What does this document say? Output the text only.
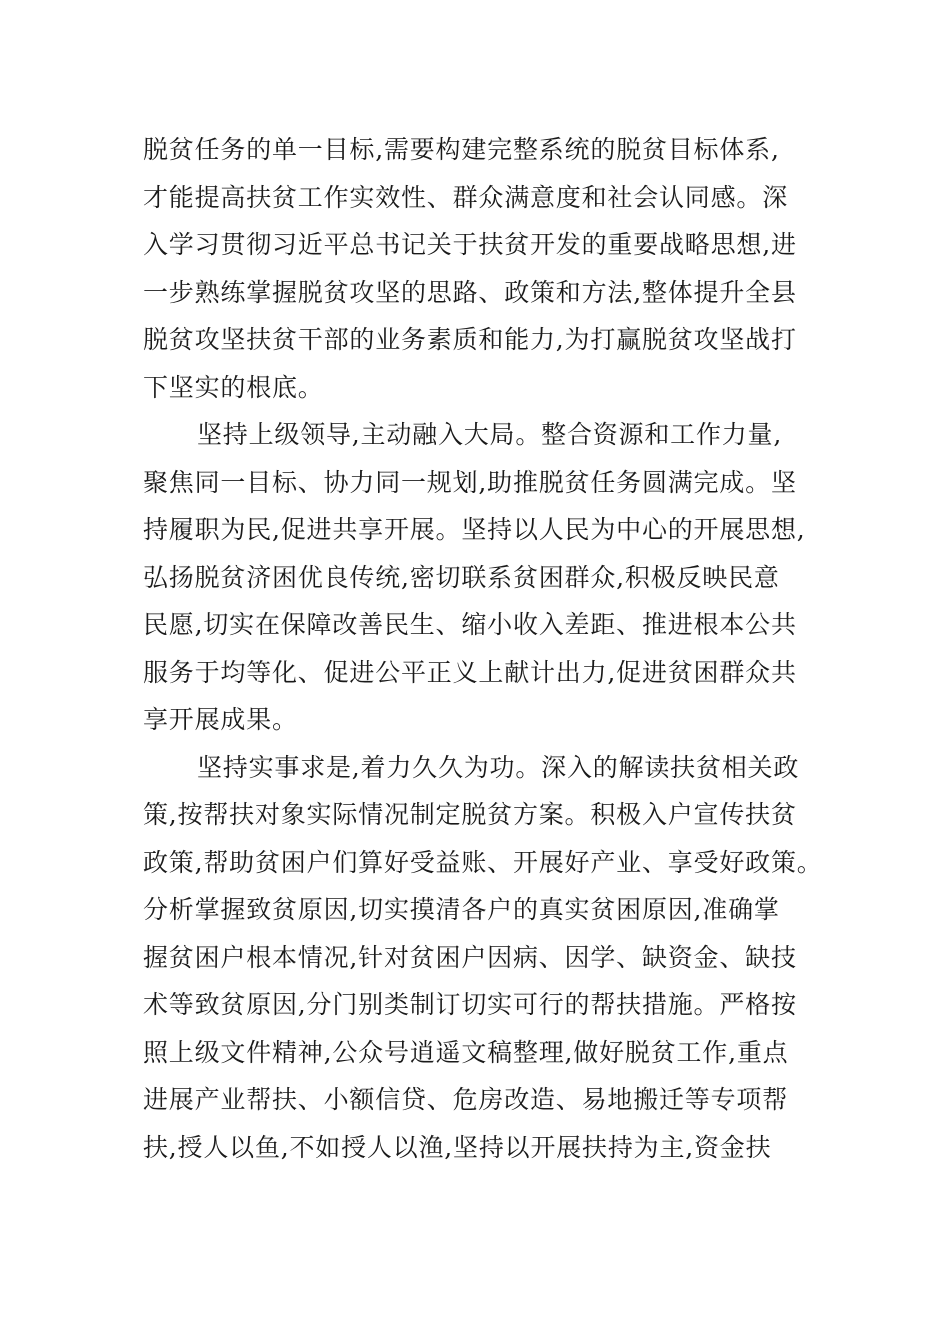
脱贫任务的单一目标,需要构建完整系统的脱贫目标体系,
才能提高扶贫工作实效性、群众满意度和社会认同感。深
入学习贯彻习近平总书记关于扶贫开发的重要战略思想,进
一步熟练掌握脱贫攻坚的思路、政策和方法,整体提升全县
脱贫攻坚扶贫干部的业务素质和能力,为打赢脱贫攻坚战打
下坚实的根底。
坚持上级领导,主动融入大局。整合资源和工作力量,
聚焦同一目标、协力同一规划,助推脱贫任务圆满完成。坚
持履职为民,促进共享开展。坚持以人民为中心的开展思想,
弘扬脱贫济困优良传统,密切联系贫困群众,积极反映民意
民愿,切实在保障改善民生、缩小收入差距、推进根本公共
服务于均等化、促进公平正义上献计出力,促进贫困群众共
享开展成果。
坚持实事求是,着力久久为功。深入的解读扶贫相关政
策,按帮扶对象实际情况制定脱贫方案。积极入户宣传扶贫
政策,帮助贫困户们算好受益账、开展好产业、享受好政策。
分析掌握致贫原因,切实摸清各户的真实贫困原因,准确掌
握贫困户根本情况,针对贫困户因病、因学、缺资金、缺技
术等致贫原因,分门别类制订切实可行的帮扶措施。严格按
照上级文件精神,公众号逍遥文稿整理,做好脱贫工作,重点
进展产业帮扶、小额信贷、危房改造、易地搬迁等专项帮
扶,授人以鱼,不如授人以渔,坚持以开展扶持为主,资金扶
